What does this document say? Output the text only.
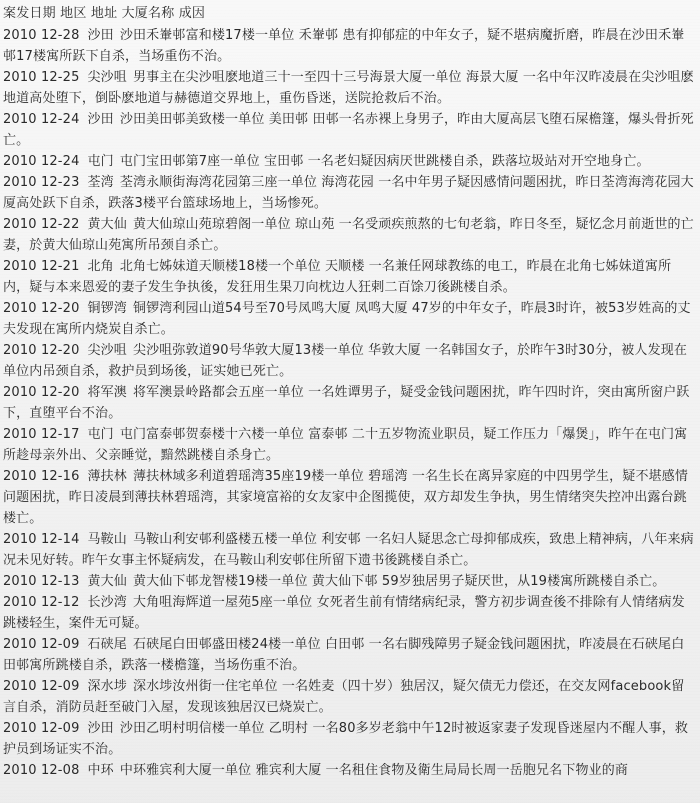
案发日期 地区 地址 大厦名称 成因

2010 12-28 沙田 沙田禾輋邨富和楼17楼一单位 禾輋邨 患有抑郁症的中年女子，疑不堪病魔折磨，昨晨在沙田禾輋邨17楼寓所跃下自杀，当场重伤不治。

2010 12-25 尖沙咀 男事主在尖沙咀麽地道三十一至四十三号海景大厦一单位 海景大厦 一名中年汉昨凌晨在尖沙咀麽地道高处堕下，倒卧麽地道与赫德道交界地上，重伤昏迷，送院抢救后不治。

2010 12-24 沙田 沙田美田邨美致楼一单位 美田邨 田邨一名赤裸上身男子，昨由大厦高层飞堕石屎檐篷，爆头骨折死亡。

2010 12-24 屯门 屯门宝田邨第7座一单位 宝田邨 一名老妇疑因病厌世跳楼自杀，跌落垃圾站对开空地身亡。

2010 12-23 荃湾 荃湾永顺街海湾花园第三座一单位 海湾花园 一名中年男子疑因感情问题困扰，昨日荃湾海湾花园大厦高处跃下自杀，跌落3楼平台篮球场地上，当场惨死。

2010 12-22 黄大仙 黄大仙琼山苑琼碧阁一单位 琼山苑 一名受顽疾煎熬的七旬老翁，昨日冬至，疑忆念月前逝世的亡妻，於黄大仙琼山苑寓所吊颈自杀亡。

2010 12-21 北角 北角七姊妹道天顺楼18楼一个单位 天顺楼 一名兼任网球教练的电工，昨晨在北角七姊妹道寓所内，疑与本来恩爱的妻子发生争执後，发狂用生果刀向枕边人狂剌二百馀刀後跳楼自杀。

2010 12-20 铜锣湾 铜锣湾利园山道54号至70号凤鸣大厦 凤鸣大厦 47岁的中年女子，昨晨3时许，被53岁姓高的丈夫发现在寓所内烧炭自杀亡。

2010 12-20 尖沙咀 尖沙咀弥敦道90号华敦大厦13楼一单位 华敦大厦 一名韩国女子，於昨午3时30分，被人发现在单位内吊颈自杀，救护员到场後，证实她已死亡。

2010 12-20 将军澳 将军澳景岭路都会五座一单位 一名姓谭男子，疑受金钱问题困扰，昨午四时许，突由寓所窗户跃下，直堕平台不治。

2010 12-17 屯门 屯门富泰邨贺泰楼十六楼一单位 富泰邨 二十五岁物流业职员，疑工作压力「爆煲」，昨午在屯门寓所趁母亲外出、父亲睡觉，黯然跳楼自杀身亡。

2010 12-16 薄扶林 薄扶林域多利道碧瑶湾35座19楼一单位 碧瑶湾 一名生长在离异家庭的中四男学生，疑不堪感情问题困扰，昨日凌晨到薄扶林碧瑶湾，其家境富裕的女友家中企图揽使，双方却发生争执，男生情绪突失控冲出露台跳楼亡。

2010 12-14 马鞍山 马鞍山利安邨利盛楼五楼一单位 利安邨 一名妇人疑思念亡母抑郁成疾，致患上精神病，八年来病况未见好转。昨午女事主怀疑病发，在马鞍山利安邨住所留下遗书後跳楼自杀亡。

2010 12-13 黄大仙 黄大仙下邨龙智楼19楼一单位 黄大仙下邨 59岁独居男子疑厌世，从19楼寓所跳楼自杀亡。

2010 12-12 长沙湾 大角咀海辉道一屋苑5座一单位 女死者生前有情绪病纪录，警方初步调查後不排除有人情绪病发跳楼轻生，案件无可疑。

2010 12-09 石硖尾 石硖尾白田邨盛田楼24楼一单位 白田邨 一名右脚残障男子疑金钱问题困扰，昨凌晨在石硖尾白田邨寓所跳楼自杀，跌落一楼檐篷，当场伤重不治。

2010 12-09 深水埗 深水埗汝州街一住宅单位 一名姓麦（四十岁）独居汉，疑欠债无力偿还，在交友网facebook留言自杀，消防员赶至破门入屋，发现该独居汉已烧炭亡。

2010 12-09 沙田 沙田乙明村明信楼一单位 乙明村 一名80多岁老翁中午12时被返家妻子发现昏迷屋内不醒人事，救护员到场证实不治。

2010 12-08 中环 中环雅宾利大厦一单位 雅宾利大厦 一名租住食物及衛生局局长周一岳胞兄名下物业的商
